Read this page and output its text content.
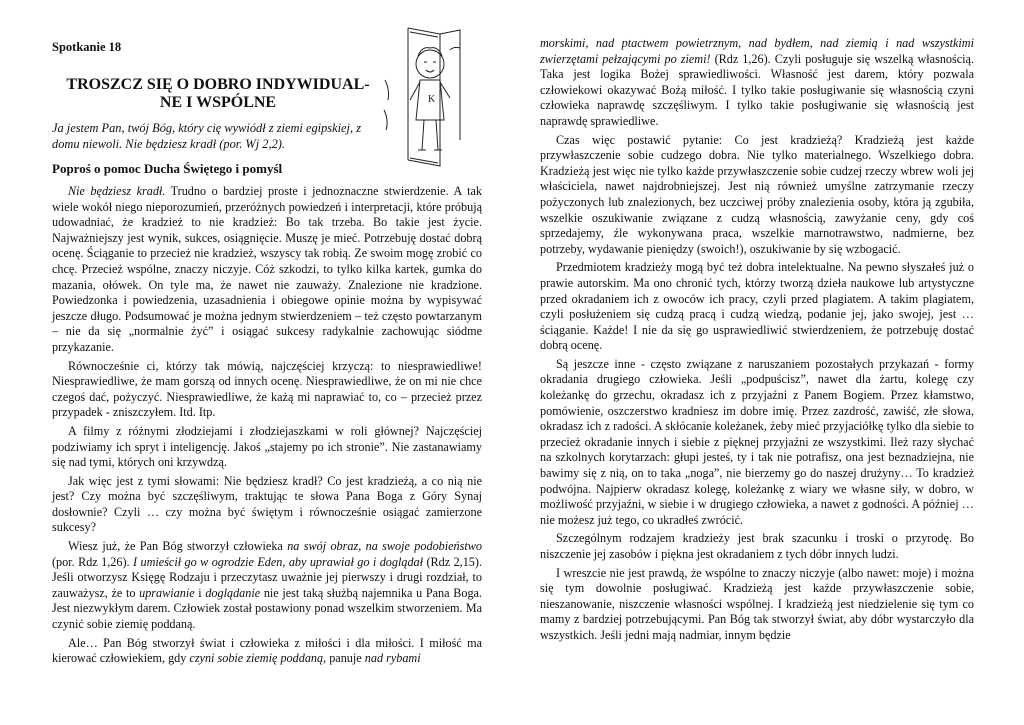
Spotkanie 18
TROSZCZ SIĘ O DOBRO INDYWIDUAL-
NE I WSPÓLNE
Ja jestem Pan, twój Bóg, który cię wywiódł z ziemi egipskiej, z domu niewoli. Nie będziesz kradł (por. Wj 2,2).
Poproś o pomoc Ducha Świętego i pomyśl
K

Nie będziesz kradł. Trudno o bardziej proste i jednoznaczne stwierdzenie. A tak wiele wokół niego nieporozumień, przeróżnych powiedzeń i interpretacji, które próbują udowadniać, że kradzież to nie kradzież: Bo tak trzeba. Bo takie jest życie. Najważniejszy jest wynik, sukces, osiągnięcie. Muszę je mieć. Potrzebuję dostać dobrą ocenę. Ściąganie to przecież nie kradzież, wszyscy tak robią. Ze swoim mogę zrobić co chcę. Przecież wspólne, znaczy niczyje. Cóż szkodzi, to tylko kilka kartek, gumka do mazania, ołówek. On tyle ma, że nawet nie zauważy. Znalezione nie kradzione. Powiedzonka i powiedzenia, uzasadnienia i obiegowe opinie można by wypisywać jeszcze długo. Podsumować je można jednym stwierdzeniem – też często powtarzanym – nie da się „normalnie żyć” i osiągać sukcesy radykalnie zachowując siódme przykazanie.

Równocześnie ci, którzy tak mówią, najczęściej krzyczą: to niesprawiedliwe! Niesprawiedliwe, że mam gorszą od innych ocenę. Niesprawiedliwe, że on mi nie chce czegoś dać, pożyczyć. Niesprawiedliwe, że każą mi naprawiać to, co – przecież przez przypadek - zniszczyłem. Itd. Itp.

A filmy z różnymi złodziejami i złodziejaszkami w roli głównej? Najczęściej podziwiamy ich spryt i inteligencję. Jakoś „stajemy po ich stronie”. Nie zastanawiamy się nad tymi, których oni krzywdzą.

Jak więc jest z tymi słowami: Nie będziesz kradł? Co jest kradzieżą, a co nią nie jest? Czy można być szczęśliwym, traktując te słowa Pana Boga z Góry Synaj dosłownie? Czyli … czy można być świętym i równocześnie osiągać zamierzone sukcesy?

Wiesz już, że Pan Bóg stworzył człowieka na swój obraz, na swoje podobieństwo (por. Rdz 1,26). I umieścił go w ogrodzie Eden, aby uprawiał go i doglądał (Rdz 2,15). Jeśli otworzysz Księgę Rodzaju i przeczytasz uważnie jej pierwszy i drugi rozdział, to zauważysz, że to uprawianie i doglądanie nie jest taką służbą najemnika u Pana Boga. Jest niezwykłym darem. Człowiek został postawiony ponad wszelkim stworzeniem. Ma czynić sobie ziemię poddaną.

Ale… Pan Bóg stworzył świat i człowieka z miłości i dla miłości. I miłość ma kierować człowiekiem, gdy czyni sobie ziemię poddaną, panuje nad rybami

morskimi, nad ptactwem powietrznym, nad bydłem, nad ziemią i nad wszystkimi zwierzętami pełzającymi po ziemi! (Rdz 1,26). Czyli posługuje się wszelką własnością. Taka jest logika Bożej sprawiedliwości. Własność jest darem, który pozwala człowiekowi okazywać Bożą miłość. I tylko takie posługiwanie się własnością czyni człowieka naprawdę szczęśliwym. I tylko takie posługiwanie się własnością jest naprawdę sprawiedliwe.

Czas więc postawić pytanie: Co jest kradzieżą? Kradzieżą jest każde przywłaszczenie sobie cudzego dobra. Nie tylko materialnego. Wszelkiego dobra. Kradzieżą jest więc nie tylko każde przywłaszczenie sobie cudzej rzeczy wbrew woli jej właściciela, nawet najdrobniejszej. Jest nią również umyślne zatrzymanie rzeczy pożyczonych lub znalezionych, bez uczciwej próby znalezienia osoby, która ją zgubiła, wszelkie oszukiwanie związane z cudzą własnością, zawyżanie ceny, gdy coś sprzedajemy, źle wykonywana praca, wszelkie marnotrawstwo, nadmierne, bez potrzeby, wydawanie pieniędzy (swoich!), oszukiwanie by się wzbogacić.

Przedmiotem kradzieży mogą być też dobra intelektualne. Na pewno słyszałeś już o prawie autorskim. Ma ono chronić tych, którzy tworzą dzieła naukowe lub artystyczne przed okradaniem ich z owoców ich pracy, czyli przed plagiatem. A takim plagiatem, czyli posłużeniem się cudzą pracą i cudzą wiedzą, podanie jej, jako swojej, jest … ściąganie. Każde! I nie da się go usprawiedliwić stwierdzeniem, że potrzebuję dostać dobrą ocenę.

Są jeszcze inne - często związane z naruszaniem pozostałych przykazań - formy okradania drugiego człowieka. Jeśli „podpuścisz”, nawet dla żartu, kolegę czy koleżankę do grzechu, okradasz ich z przyjaźni z Panem Bogiem. Przez kłamstwo, pomówienie, oszczerstwo kradniesz im dobre imię. Przez zazdrość, zawiść, złe słowa, okradasz ich z radości. A skłócanie koleżanek, żeby mieć przyjaciółkę tylko dla siebie to przecież okradanie innych i siebie z pięknej przyjaźni ze wszystkimi. Ileż razy słychać na szkolnych korytarzach: głupi jesteś, ty i tak nie potrafisz, ona jest beznadziejna, nie bawimy się z nią, on to taka „noga”, nie bierzemy go do naszej drużyny… To kradzież podwójna. Najpierw okradasz kolegę, koleżankę z wiary we własne siły, w dobro, w możliwość przyjaźni, w siebie i w drugiego człowieka, a nawet z godności. A później … nie możesz już tego, co ukradłeś zwrócić.

Szczególnym rodzajem kradzieży jest brak szacunku i troski o przyrodę. Bo niszczenie jej zasobów i piękna jest okradaniem z tych dóbr innych ludzi.

I wreszcie nie jest prawdą, że wspólne to znaczy niczyje (albo nawet: moje) i można się tym dowolnie posługiwać. Kradzieżą jest każde przywłaszczenie sobie, nieszanowanie, niszczenie własności wspólnej. I kradzieżą jest niedzielenie się tym co mamy z bardziej potrzebującymi. Pan Bóg tak stworzył świat, aby dóbr wystarczyło dla wszystkich. Jeśli jedni mają nadmiar, innym będzie
